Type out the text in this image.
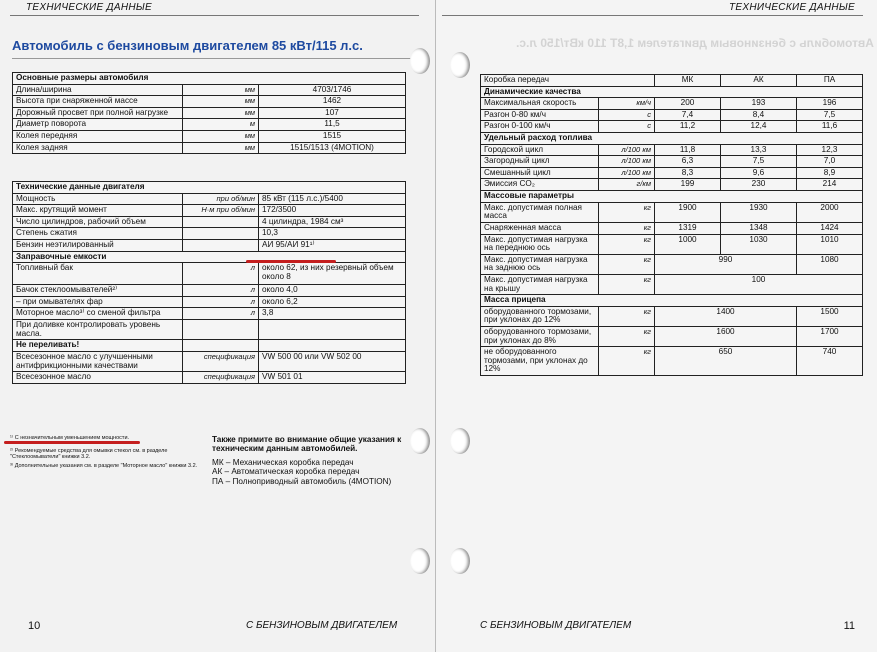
ТЕХНИЧЕСКИЕ ДАННЫЕ
Автомобиль с бензиновым двигателем 85 кВт/115 л.с.
Основные размеры автомобиля		
Длина/ширина	мм	4703/1746
Высота при снаряженной массе	мм	1462
Дорожный просвет при полной нагрузке	мм	107
Диаметр поворота	м	11,5
Колея передняя	мм	1515
Колея задняя	мм	1515/1513 (4MOTION)
Технические данные двигателя		
Мощность	при об/мин	85 кВт (115 л.с.)/5400
Макс. крутящий момент	Н·м при об/мин	172/3500
Число цилиндров, рабочий объем		4 цилиндра, 1984 см³
Степень сжатия		10,3
Бензин неэтилированный		АИ 95/АИ 91¹⁾
Заправочные емкости		
Топливный бак	л	около 62, из них резервный объем около 8
Бачок стеклоомывателей²⁾	л	около 4,0
– при омывателях фар	л	около 6,2
Моторное масло³⁾ со сменой фильтра	л	3,8
При доливке контролировать уровень масла.		
Не переливать!		
Всесезонное масло с улучшенными антифрикционными качествами	спецификация	VW 500 00 или VW 502 00
Всесезонное масло	спецификация	VW 501 01
¹⁾ С незначительным уменьшением мощности.
²⁾ Рекомендуемые средства для омывки стекол см. в разделе "Стеклоомыватели" книжки 3.2.
³⁾ Дополнительные указания см. в разделе "Моторное масло" книжки 3.2.
Также примите во внимание общие указания к техническим данным автомобилей.
МК – Механическая коробка передач
АК – Автоматическая коробка передач
ПА – Полноприводный автомобиль (4MOTION)
10	С БЕНЗИНОВЫМ ДВИГАТЕЛЕМ
ТЕХНИЧЕСКИЕ ДАННЫЕ
Автомобиль с бензиновым двигателем 1,8T 110 кВт/150 л.с.
Коробка передач		МК	АК	ПА
Динамические качества				
Максимальная скорость	км/ч	200	193	196
Разгон 0-80 км/ч	с	7,4	8,4	7,5
Разгон 0-100 км/ч	с	11,2	12,4	11,6
Удельный расход топлива				
Городской цикл	л/100 км	11,8	13,3	12,3
Загородный цикл	л/100 км	6,3	7,5	7,0
Смешанный цикл	л/100 км	8,3	9,6	8,9
Эмиссия CO₂	г/км	199	230	214
Массовые параметры				
Макс. допустимая полная масса	кг	1900	1930	2000
Снаряженная масса	кг	1319	1348	1424
Макс. допустимая нагрузка на переднюю ось	кг	1000	1030	1010
Макс. допустимая нагрузка на заднюю ось	кг	990		1080
Макс. допустимая нагрузка на крышу	кг	100		
Масса прицепа				
оборудованного тормозами, при уклонах до 12%	кг	1400		1500
оборудованного тормозами, при уклонах до 8%	кг	1600		1700
не оборудованного тормозами, при уклонах до 12%	кг	650		740
С БЕНЗИНОВЫМ ДВИГАТЕЛЕМ	11
